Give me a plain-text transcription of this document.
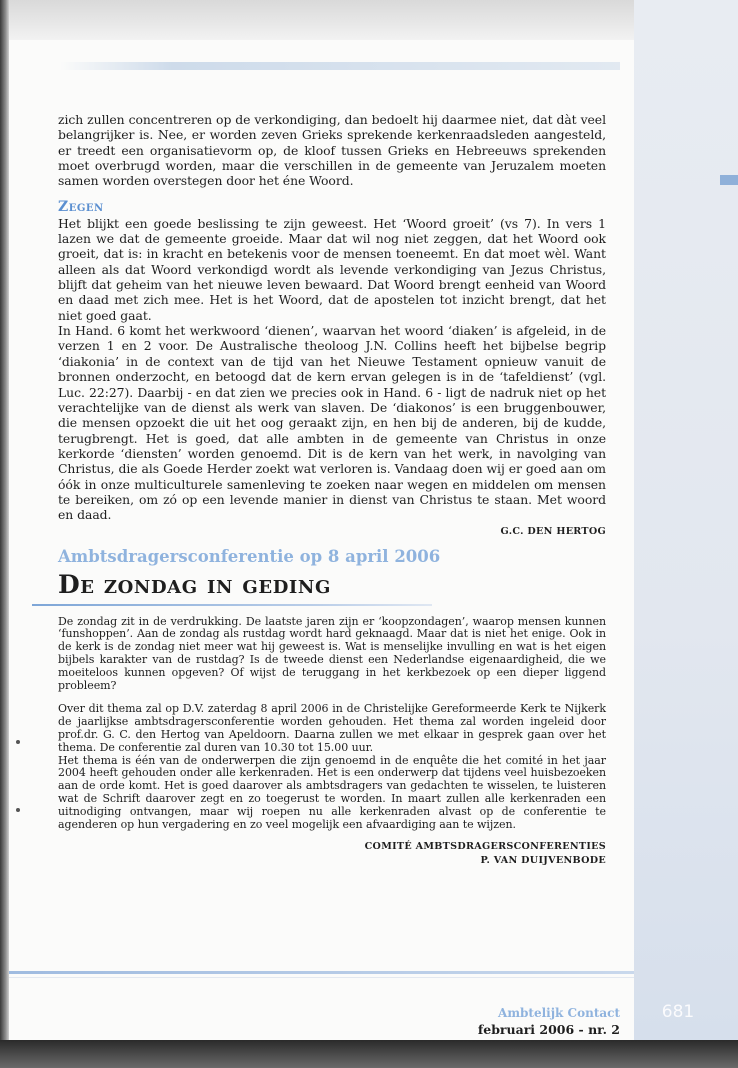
zich zullen concentreren op de verkondiging, dan bedoelt hij daarmee niet, dat dàt veel belangrijker is. Nee, er worden zeven Grieks sprekende kerkenraadsleden aangesteld, er treedt een organisatievorm op, de kloof tussen Grieks en Hebreeuws sprekenden moet overbrugd worden, maar die verschillen in de gemeente van Jeruzalem moeten samen worden overstegen door het éne Woord.

Zegen

Het blijkt een goede beslissing te zijn geweest. Het ‘Woord groeit’ (vs 7). In vers 1 lazen we dat de gemeente groeide. Maar dat wil nog niet zeggen, dat het Woord ook groeit, dat is: in kracht en betekenis voor de mensen toeneemt. En dat moet wèl. Want alleen als dat Woord verkondigd wordt als levende verkondiging van Jezus Christus, blijft dat geheim van het nieuwe leven bewaard. Dat Woord brengt eenheid van Woord en daad met zich mee. Het is het Woord, dat de apostelen tot inzicht brengt, dat het niet goed gaat.

In Hand. 6 komt het werkwoord ‘dienen’, waarvan het woord ‘diaken’ is afgeleid, in de verzen 1 en 2 voor. De Australische theoloog J.N. Collins heeft het bijbelse begrip ‘diakonia’ in de context van de tijd van het Nieuwe Testament opnieuw vanuit de bronnen onderzocht, en betoogd dat de kern ervan gelegen is in de ‘tafeldienst’ (vgl. Luc. 22:27). Daarbij - en dat zien we precies ook in Hand. 6 - ligt de nadruk niet op het verachtelijke van de dienst als werk van slaven. De ‘diakonos’ is een bruggenbouwer, die mensen opzoekt die uit het oog geraakt zijn, en hen bij de anderen, bij de kudde, terugbrengt. Het is goed, dat alle ambten in de gemeente van Christus in onze kerkorde ‘diensten’ worden genoemd. Dit is de kern van het werk, in navolging van Christus, die als Goede Herder zoekt wat verloren is. Vandaag doen wij er goed aan om óók in onze multiculturele samenleving te zoeken naar wegen en middelen om mensen te bereiken, om zó op een levende manier in dienst van Christus te staan. Met woord en daad.

G.C. DEN HERTOG
Ambtsdragersconferentie op 8 april 2006
De zondag in geding

De zondag zit in de verdrukking. De laatste jaren zijn er ‘koopzondagen’, waarop mensen kunnen ‘funshoppen’. Aan de zondag als rustdag wordt hard geknaagd. Maar dat is niet het enige. Ook in de kerk is de zondag niet meer wat hij geweest is. Wat is menselijke invulling en wat is het eigen bijbels karakter van de rustdag? Is de tweede dienst een Nederlandse eigenaardigheid, die we moeiteloos kunnen opgeven? Of wijst de teruggang in het kerkbezoek op een dieper liggend probleem?

Over dit thema zal op D.V. zaterdag 8 april 2006 in de Christelijke Gereformeerde Kerk te Nijkerk de jaarlijkse ambtsdragersconferentie worden gehouden. Het thema zal worden ingeleid door prof.dr. G. C. den Hertog van Apeldoorn. Daarna zullen we met elkaar in gesprek gaan over het thema. De conferentie zal duren van 10.30 tot 15.00 uur.

Het thema is één van de onderwerpen die zijn genoemd in de enquête die het comité in het jaar 2004 heeft gehouden onder alle kerkenraden. Het is een onderwerp dat tijdens veel huisbezoeken aan de orde komt. Het is goed daarover als ambtsdragers van gedachten te wisselen, te luisteren wat de Schrift daarover zegt en zo toegerust te worden. In maart zullen alle kerkenraden een uitnodiging ontvangen, maar wij roepen nu alle kerkenraden alvast op de conferentie te agenderen op hun vergadering en zo veel mogelijk een afvaardiging aan te wijzen.

COMITÉ AMBTSDRAGERSCONFERENTIES
P. VAN DUIJVENBODE
Ambtelijk Contact
februari 2006 - nr. 2
681
